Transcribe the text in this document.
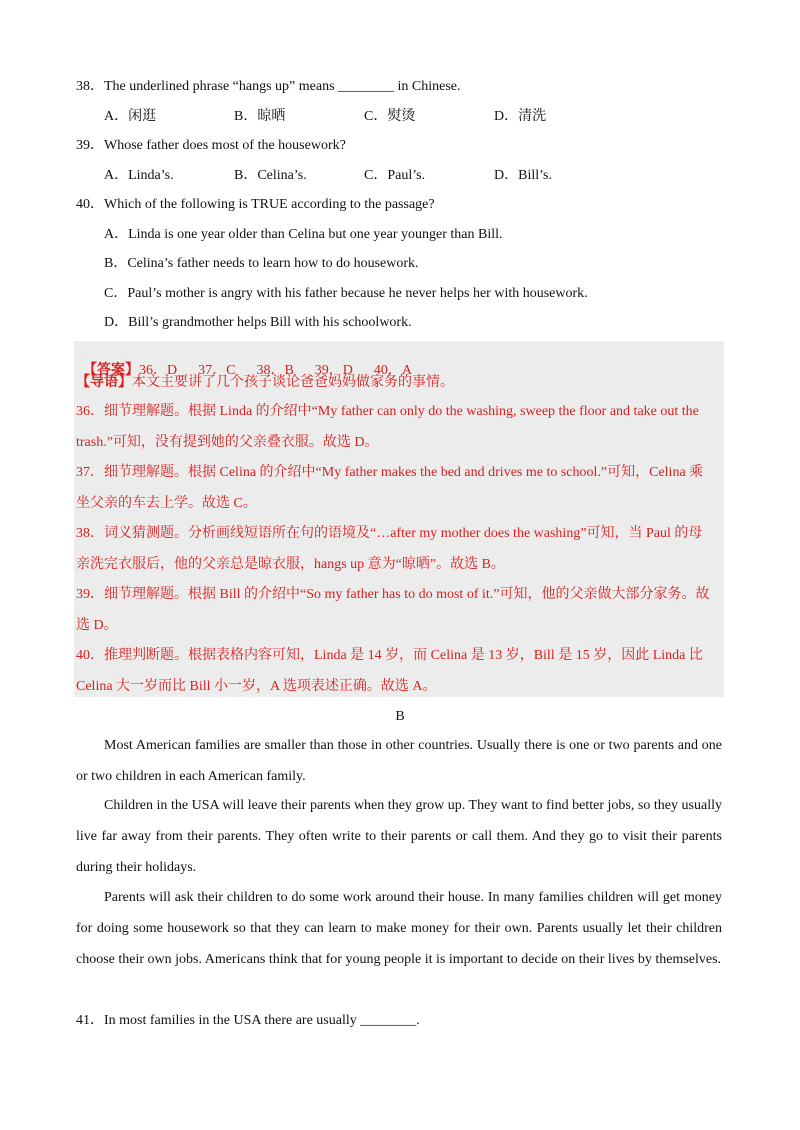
38．The underlined phrase “hangs up” means ________ in Chinese.
A．闲逛	B．晾晒	C．熨烫	D．清洗
39．Whose father does most of the housework?
A．Linda’s.	B．Celina’s.	C．Paul’s.	D．Bill’s.
40．Which of the following is TRUE according to the passage?
A．Linda is one year older than Celina but one year younger than Bill.
B．Celina’s father needs to learn how to do housework.
C．Paul’s mother is angry with his father because he never helps her with housework.
D．Bill’s grandmother helps Bill with his schoolwork.

【答案】36．D      37．C      38．B      39．D      40．A

【导语】本文主要讲了几个孩子谈论爸爸妈妈做家务的事情。
36．细节理解题。根据 Linda 的介绍中“My father can only do the washing, sweep the floor and take out the
trash.”可知，没有提到她的父亲叠衣服。故选 D。
37．细节理解题。根据 Celina 的介绍中“My father makes the bed and drives me to school.”可知，Celina 乘
坐父亲的车去上学。故选 C。
38．词义猜测题。分析画线短语所在句的语境及“…after my mother does the washing”可知，当 Paul 的母
亲洗完衣服后，他的父亲总是晾衣服，hangs up 意为“晾晒”。故选 B。
39．细节理解题。根据 Bill 的介绍中“So my father has to do most of it.”可知，他的父亲做大部分家务。故
选 D。
40．推理判断题。根据表格内容可知，Linda 是 14 岁，而 Celina 是 13 岁，Bill 是 15 岁，因此 Linda 比
Celina 大一岁而比 Bill 小一岁，A 选项表述正确。故选 A。
B
Most American families are smaller than those in other countries. Usually there is one or two parents and one or two children in each American family.
Children in the USA will leave their parents when they grow up. They want to find better jobs, so they usually live far away from their parents. They often write to their parents or call them. And they go to visit their parents during their holidays.
Parents will ask their children to do some work around their house. In many families children will get money for doing some housework so that they can learn to make money for their own. Parents usually let their children choose their own jobs. Americans think that for young people it is important to decide on their lives by themselves.
41．In most families in the USA there are usually ________.
